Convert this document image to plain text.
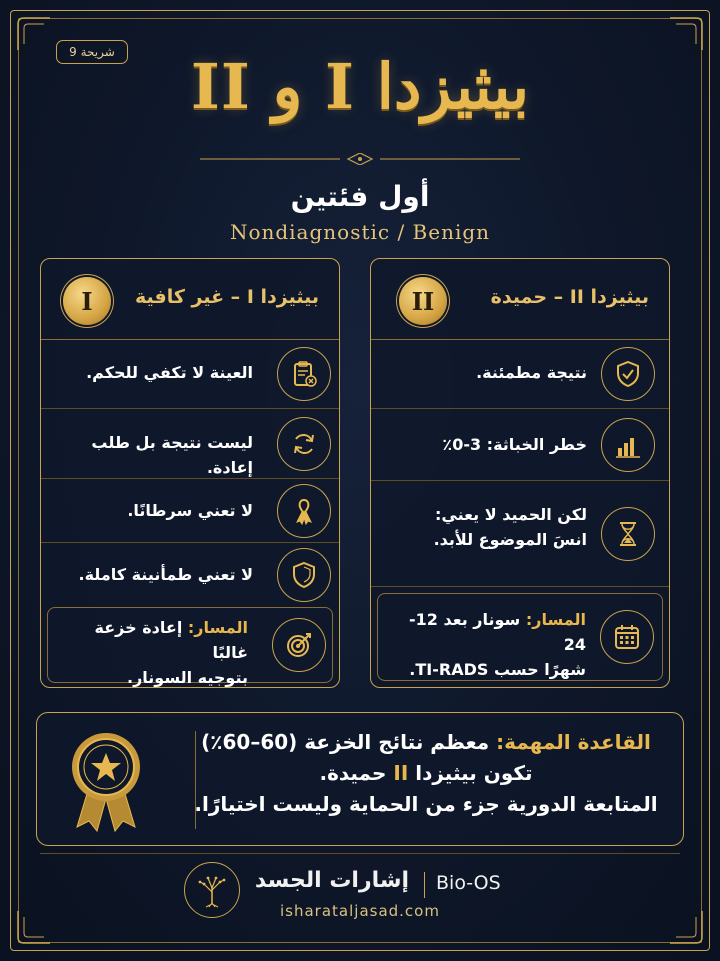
شريحة 9	بيثيزدا I و II
أول فئتين
Nondiagnostic / Benign
بيثيزدا II – حميدة
II
نتيجة مطمئنة.
خطر الخباثة: 3-0٪
لكن الحميد لا يعني:
انسَ الموضوع للأبد.
المسار: سونار بعد 12-24
شهرًا حسب TI-RADS.
بيثيزدا I – غير كافية
I
العينة لا تكفي للحكم.
ليست نتيجة بل طلب إعادة.
لا تعني سرطانًا.
لا تعني طمأنينة كاملة.
المسار: إعادة خزعة غالبًا
بتوجيه السونار.
القاعدة المهمة: معظم نتائج الخزعة (60–60٪)
تكون بيثيزدا II حميدة.
المتابعة الدورية جزء من الحماية وليست اختيارًا.
إشارات الجسد Bio-OS
isharataljasad.com
